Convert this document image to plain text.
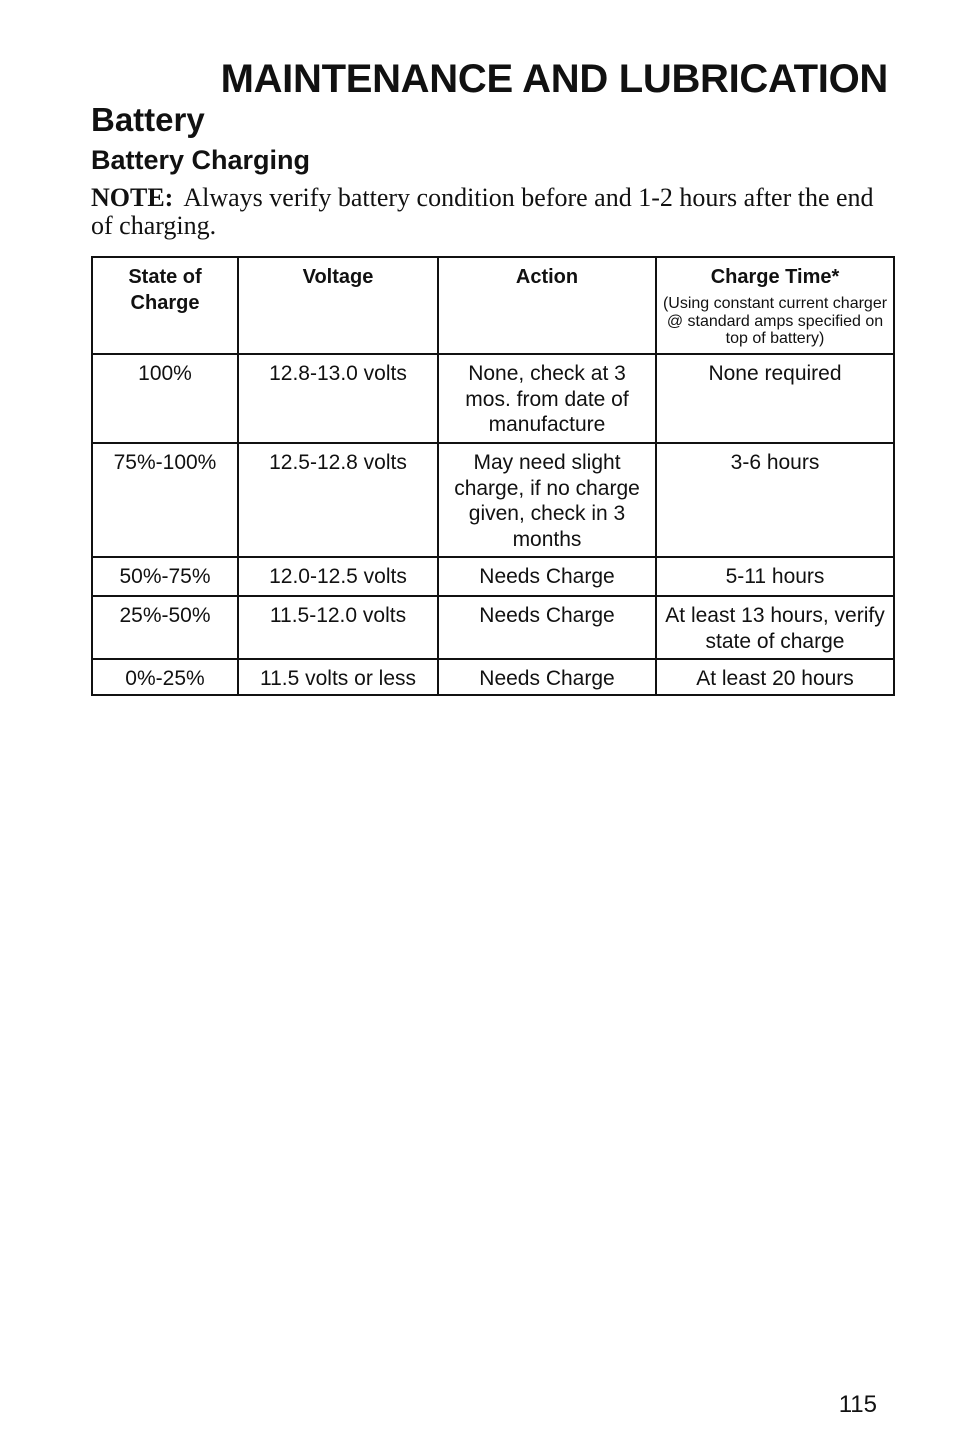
MAINTENANCE AND LUBRICATION
Battery
Battery Charging
NOTE: Always verify battery condition before and 1-2 hours after the end of charging.
State of Charge	Voltage	Action	Charge Time*
(Using constant current charger @ standard amps specified on top of battery)

100%	12.8-13.0 volts	None, check at 3 mos. from date of manufacture	None required
75%-100%	12.5-12.8 volts	May need slight charge, if no charge given, check in 3 months	3-6 hours
50%-75%	12.0-12.5 volts	Needs Charge	5-11 hours
25%-50%	11.5-12.0 volts	Needs Charge	At least 13 hours, verify state of charge
0%-25%	11.5 volts or less	Needs Charge	At least 20 hours
115
